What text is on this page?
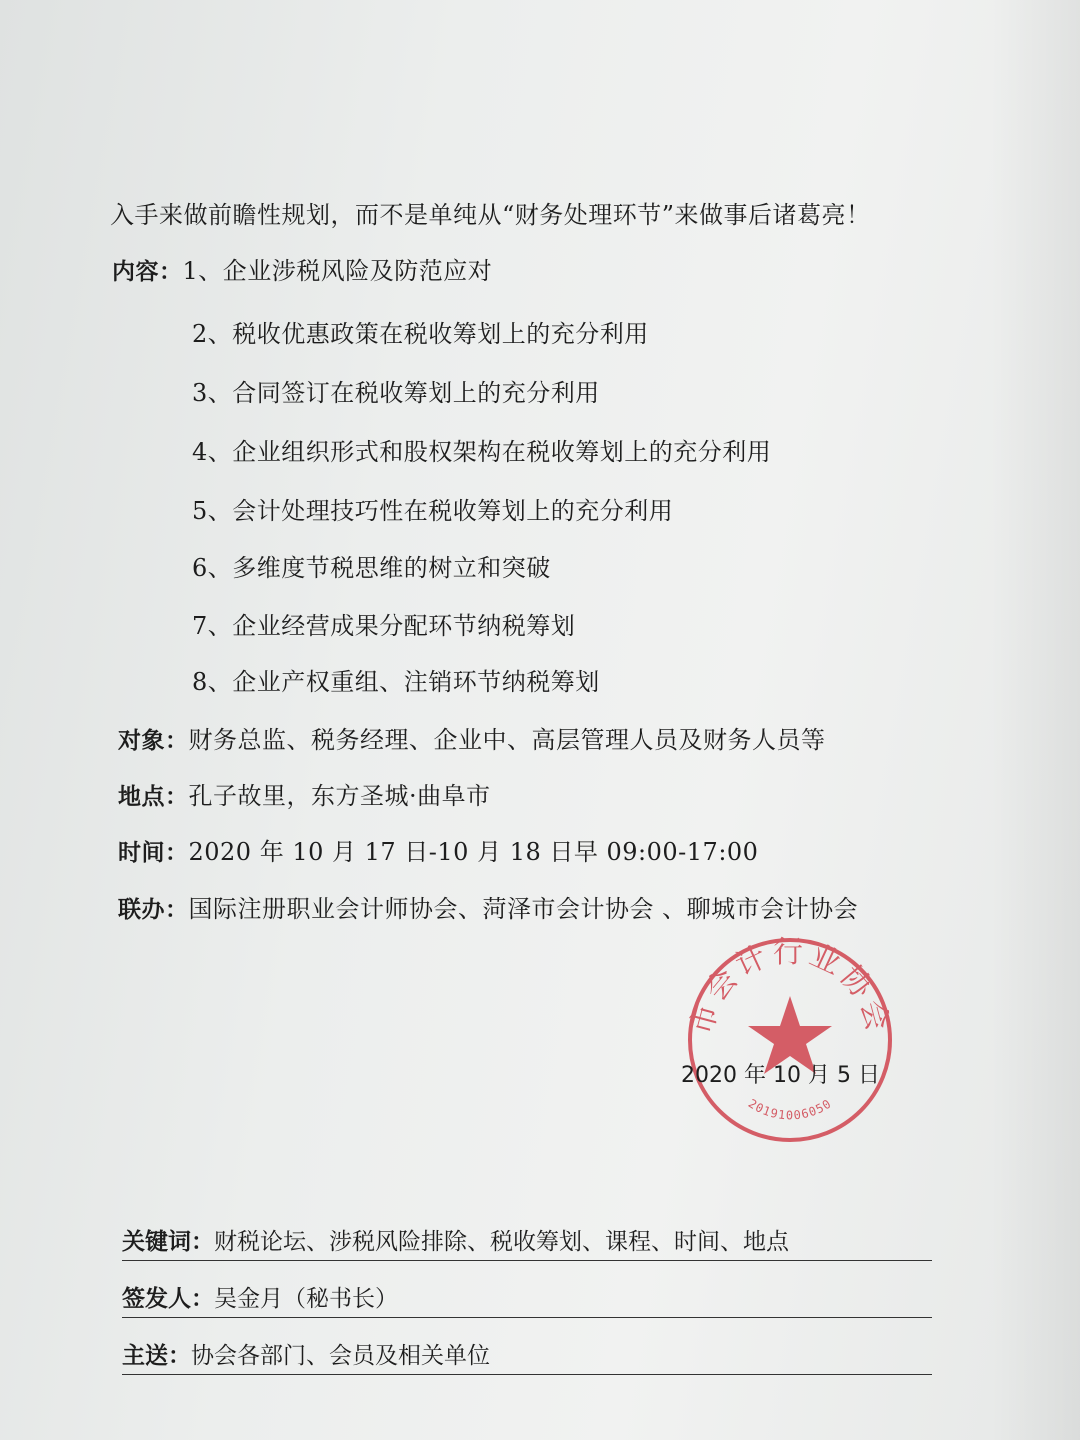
入手来做前瞻性规划，而不是单纯从“财务处理环节”来做事后诸葛亮！
内容：1、企业涉税风险及防范应对
2、税收优惠政策在税收筹划上的充分利用
3、合同签订在税收筹划上的充分利用
4、企业组织形式和股权架构在税收筹划上的充分利用
5、会计处理技巧性在税收筹划上的充分利用
6、多维度节税思维的树立和突破
7、企业经营成果分配环节纳税筹划
8、企业产权重组、注销环节纳税筹划
对象：财务总监、税务经理、企业中、高层管理人员及财务人员等
地点：孔子故里，东方圣城·曲阜市
时间：2020 年 10 月 17 日-10 月 18 日早 09:00-17:00
联办：国际注册职业会计师协会、菏泽市会计协会 、聊城市会计协会
市会计行业协会
20191006050
2020 年 10 月 5 日
关键词：财税论坛、涉税风险排除、税收筹划、课程、时间、地点
签发人：吴金月（秘书长）
主送：协会各部门、会员及相关单位
